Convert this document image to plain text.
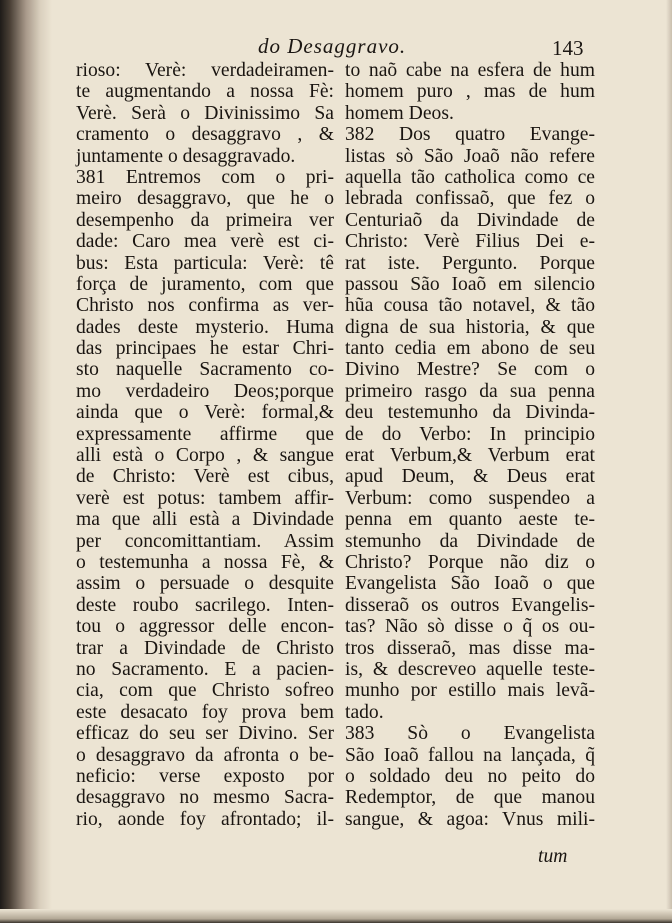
do Desaggravo.	143
rioso: Verè: verdadeiramen-
te augmentando a nossa Fè:
Verè. Serà o Divinissimo Sa
cramento o desaggravo , &
juntamente o desaggravado.
381 Entremos com o pri-
meiro desaggravo, que he o
desempenho da primeira ver
dade: Caro mea verè est ci-
bus: Esta particula: Verè: tê
força de juramento, com que
Christo nos confirma as ver-
dades deste mysterio. Huma
das principaes he estar Chri-
sto naquelle Sacramento co-
mo verdadeiro Deos;porque
ainda que o Verè: formal,&
expressamente affirme que
alli està o Corpo , & sangue
de Christo: Verè est cibus,
verè est potus: tambem affir-
ma que alli està a Divindade
per concomittantiam. Assim
o testemunha a nossa Fè, &
assim o persuade o desquite
deste roubo sacrilego. Inten-
tou o aggressor delle encon-
trar a Divindade de Christo
no Sacramento. E a pacien-
cia, com que Christo sofreo
este desacato foy prova bem
efficaz do seu ser Divino. Ser
o desaggravo da afronta o be-
neficio: verse exposto por
desaggravo no mesmo Sacra-
rio, aonde foy afrontado; il-
to naõ cabe na esfera de hum
homem puro , mas de hum
homem Deos.
382 Dos quatro Evange-
listas sò São Joaõ não refere
aquella tão catholica como ce
lebrada confissaõ, que fez o
Centuriaõ da Divindade de
Christo: Verè Filius Dei e-
rat iste. Pergunto. Porque
passou São Ioaõ em silencio
hũa cousa tão notavel, & tão
digna de sua historia, & que
tanto cedia em abono de seu
Divino Mestre? Se com o
primeiro rasgo da sua penna
deu testemunho da Divinda-
de do Verbo: In principio
erat Verbum,& Verbum erat
apud Deum, & Deus erat
Verbum: como suspendeo a
penna em quanto aeste te-
stemunho da Divindade de
Christo? Porque não diz o
Evangelista São Ioaõ o que
disseraõ os outros Evangelis-
tas? Não sò disse o q̃ os ou-
tros disseraõ, mas disse ma-
is, & descreveo aquelle teste-
munho por estillo mais levã-
tado.
383 Sò o Evangelista
São Ioaõ fallou na lançada, q̃
o soldado deu no peito do
Redemptor, de que manou
sangue, & agoa: Vnus mili-
tum
